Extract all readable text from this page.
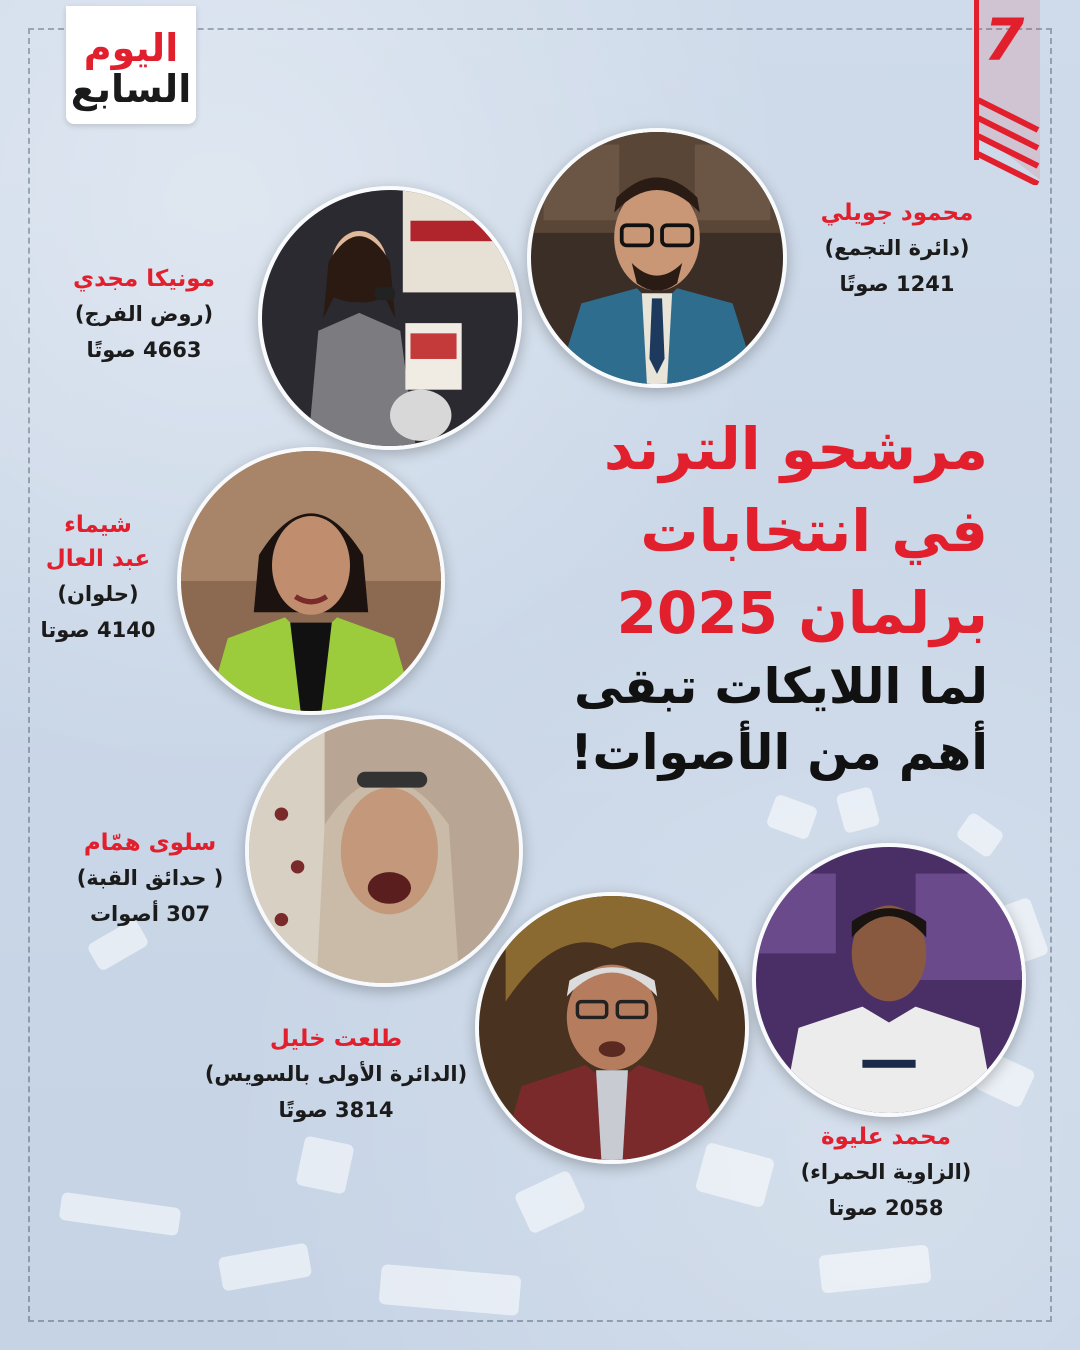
اليوم
السابع
7
محمود جويلي
(دائرة التجمع)
1241 صوتًا
مونيكا مجدي
(روض الفرج)
4663 صوتًا
شيماء
عبد العال
(حلوان)
4140 صوتا
سلوى همّام
( حدائق القبة)
307 أصوات
طلعت خليل
(الدائرة الأولى بالسويس)
3814 صوتًا
محمد عليوة
(الزاوية الحمراء)
2058 صوتا
مرشحو الترند
في انتخابات
برلمان 2025
لما اللايكات تبقى
أهم من الأصوات!
